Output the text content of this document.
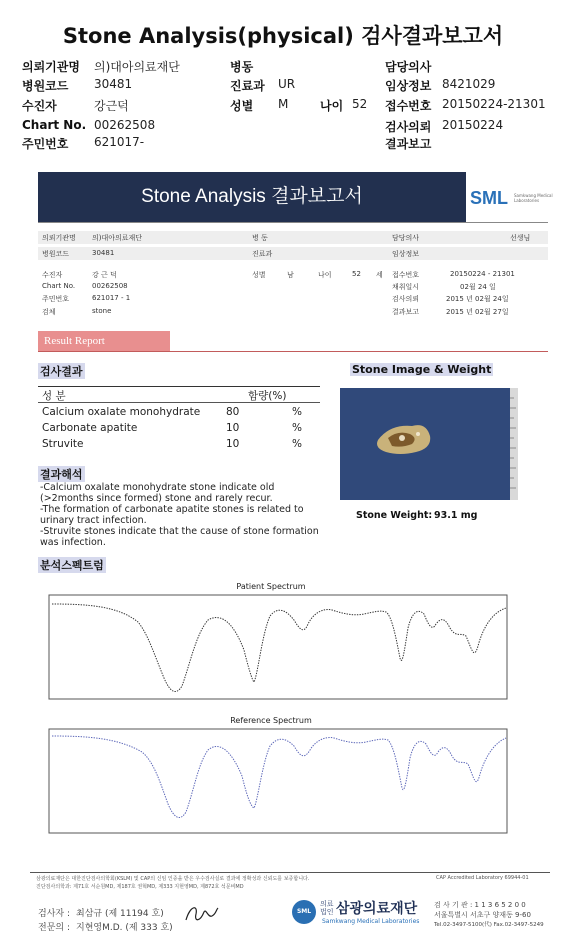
Stone Analysis(physical) 검사결과보고서
의뢰기관명 의)대아의료재단	병동	담당의사
병원코드 30481	진료과 UR	임상정보 8421029
수진자	강근덕	성별 M	나이 52 접수번호 20150224-21301
Chart No. 00262508	검사의뢰 20150224
주민번호 621017-	결과보고
Stone Analysis 결과보고서	SML Samkwang Medical Laboratories
의뢰기관명 의)대아의료재단	병 동	담당의사	선생님
병원코드	30481	진료과	임상정보
수진자	강 근 덕	성별	남	나이	52 세 접수번호	20150224 - 21301
Chart No. 00262508	채취일시	02월 24 일
주민번호	621017 - 1	검사의뢰	2015 년 02월 24일
검체	stone	결과보고	2015 년 02월 27일
Result Report
검사결과
성 분	함량(%)
Calcium oxalate monohydrate 80	%
Carbonate apatite	10	%
Struvite	10	%
Stone Image & Weight
Stone Weight: 93.1 mg
결과해석
-Calcium oxalate monohydrate stone indicate old
(>2months since formed) stone and rarely recur.
-The formation of carbonate apatite stones is related to
urinary tract infection.
-Struvite stones indicate that the cause of stone formation
was infection.
분석스펙트럼
Patient Spectrum
Reference Spectrum
삼광의료재단은 대한진단검사의학회(KSLM) 및 CAP의 신임 인증을 받은 우수검사실로 결과에 정확성과 신뢰도를 보증합니다.
진단검사의학과: 제71호 서순원MD, 제187호 권혁MD, 제333 지현영MD, 제872호 석문비MD
CAP Accredited Laboratory 69944-01
검사자 : 최삼규 (제 11194 호)
전문의 : 지현영M.D. (제 333 호)
SML
의료
법인 삼광의료재단
Samkwang Medical Laboratories
검 사 기 관 : 1 1 3 6 5 2 0 0
서울특별시 서초구 양재동 9-60
Tel.02-3497-5100(代) Fax.02-3497-5249
